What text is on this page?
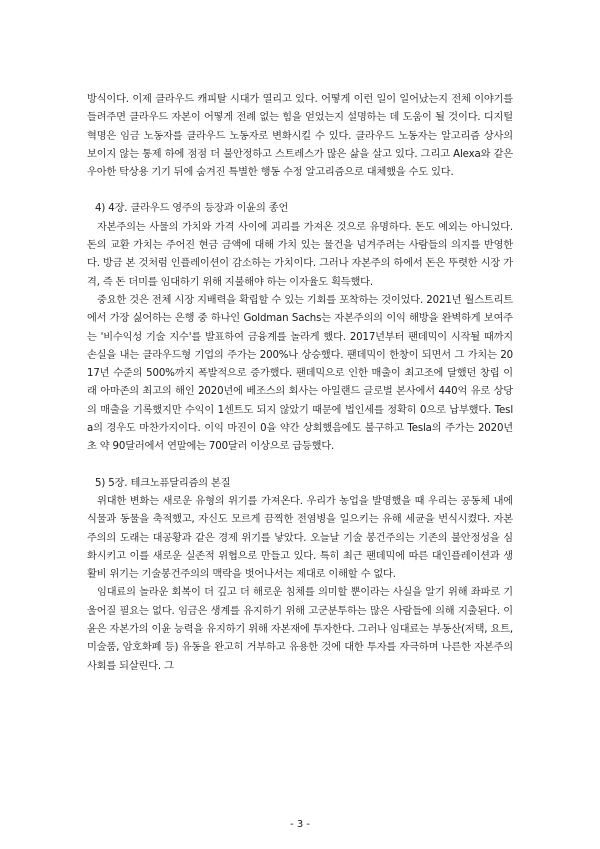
방식이다. 이제 클라우드 캐피탈 시대가 열리고 있다. 어떻게 이런 일이 일어났는지 전체 이야기를 들려주면 클라우드 자본이 어떻게 전례 없는 힘을 얻었는지 설명하는 데 도움이 될 것이다. 디지털 혁명은 임금 노동자를 클라우드 노동자로 변화시킬 수 있다. 클라우드 노동자는 알고리즘 상사의 보이지 않는 통제 하에 점점 더 불안정하고 스트레스가 많은 삶을 살고 있다. 그리고 Alexa와 같은 우아한 탁상용 기기 뒤에 숨겨진 특별한 행동 수정 알고리즘으로 대체했을 수도 있다.

4) 4장. 클라우드 영주의 등장과 이윤의 종언

자본주의는 사물의 가치와 가격 사이에 괴리를 가져온 것으로 유명하다. 돈도 예외는 아니었다. 돈의 교환 가치는 주어진 현금 금액에 대해 가치 있는 물건을 넘겨주려는 사람들의 의지를 반영한다. 방금 본 것처럼 인플레이션이 감소하는 가치이다. 그러나 자본주의 하에서 돈은 뚜렷한 시장 가격, 즉 돈 더미를 임대하기 위해 지불해야 하는 이자율도 획득했다.

중요한 것은 전체 시장 지배력을 확립할 수 있는 기회를 포착하는 것이었다. 2021년 월스트리트에서 가장 싫어하는 은행 중 하나인 Goldman Sachs는 자본주의의 이익 해방을 완벽하게 보여주는 '비수익성 기술 지수'를 발표하여 금융계를 놀라게 했다. 2017년부터 팬데믹이 시작될 때까지 손실을 내는 클라우드형 기업의 주가는 200%나 상승했다. 팬데믹이 한창이 되면서 그 가치는 2017년 수준의 500%까지 폭발적으로 증가했다. 팬데믹으로 인한 매출이 최고조에 달했던 창립 이래 아마존의 최고의 해인 2020년에 베조스의 회사는 아일랜드 글로벌 본사에서 440억 유로 상당의 매출을 기록했지만 수익이 1센트도 되지 않았기 때문에 법인세를 정확히 0으로 납부했다. Tesla의 경우도 마찬가지이다. 이익 마진이 0을 약간 상회했음에도 불구하고 Tesla의 주가는 2020년 초 약 90달러에서 연말에는 700달러 이상으로 급등했다.

5) 5장. 테크노퓨달리즘의 본질

위대한 변화는 새로운 유형의 위기를 가져온다. 우리가 농업을 발명했을 때 우리는 공동체 내에 식물과 동물을 축적했고, 자신도 모르게 끔찍한 전염병을 일으키는 유해 세균을 번식시켰다. 자본주의의 도래는 대공황과 같은 경제 위기를 낳았다. 오늘날 기술 봉건주의는 기존의 불안정성을 심화시키고 이를 새로운 실존적 위협으로 만들고 있다. 특히 최근 팬데믹에 따른 대인플레이션과 생활비 위기는 기술봉건주의의 맥락을 벗어나서는 제대로 이해할 수 없다.

임대료의 놀라운 회복이 더 깊고 더 해로운 침체를 의미할 뿐이라는 사실을 알기 위해 좌파로 기울어질 필요는 없다. 임금은 생계를 유지하기 위해 고군분투하는 많은 사람들에 의해 지출된다. 이윤은 자본가의 이윤 능력을 유지하기 위해 자본재에 투자한다. 그러나 임대료는 부동산(저택, 요트, 미술품, 암호화폐 등) 유동을 완고히 거부하고 유용한 것에 대한 투자를 자극하며 나른한 자본주의 사회를 되살린다. 그

- 3 -
